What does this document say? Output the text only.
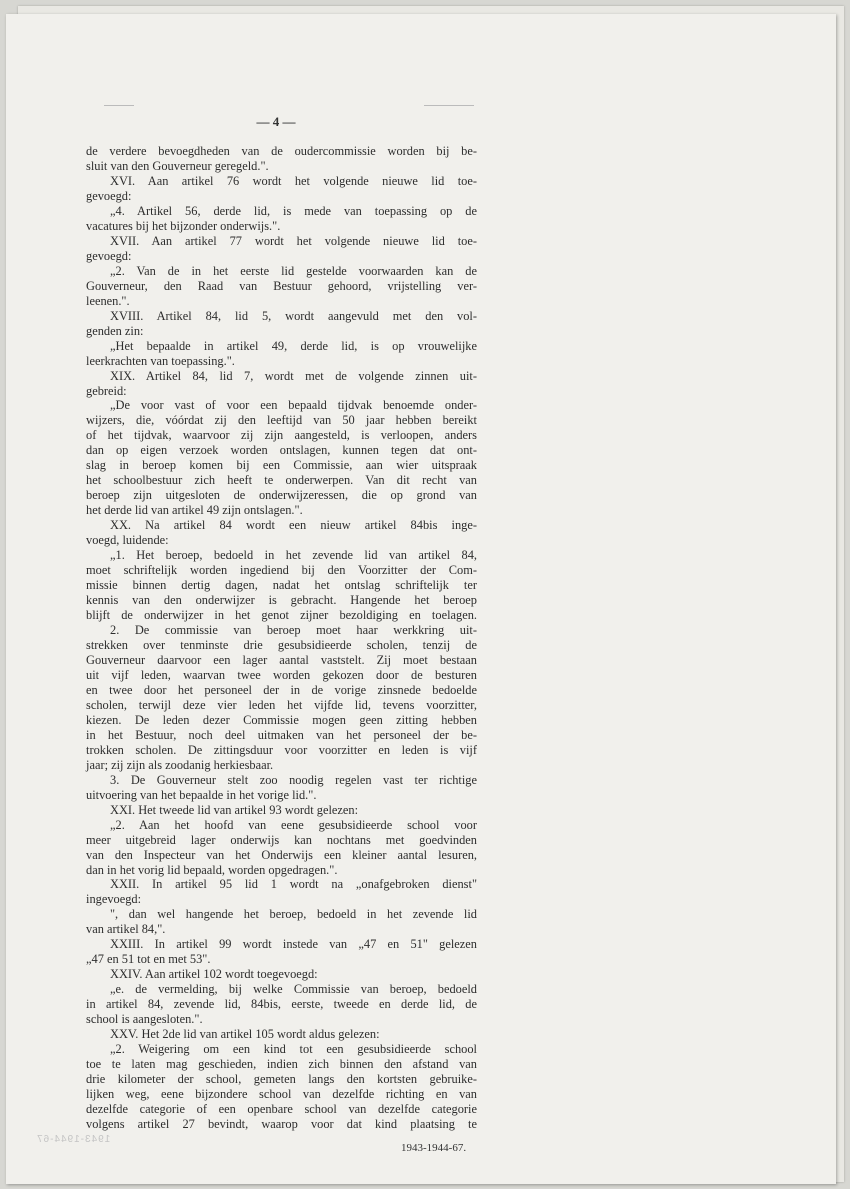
— 4 —
de verdere bevoegdheden van de oudercommissie worden bij be-
sluit van den Gouverneur geregeld.".
XVI. Aan artikel 76 wordt het volgende nieuwe lid toe-
gevoegd:
„4. Artikel 56, derde lid, is mede van toepassing op de
vacatures bij het bijzonder onderwijs.".
XVII. Aan artikel 77 wordt het volgende nieuwe lid toe-
gevoegd:
„2. Van de in het eerste lid gestelde voorwaarden kan de
Gouverneur, den Raad van Bestuur gehoord, vrijstelling ver-
leenen.".
XVIII. Artikel 84, lid 5, wordt aangevuld met den vol-
genden zin:
„Het bepaalde in artikel 49, derde lid, is op vrouwelijke
leerkrachten van toepassing.".
XIX. Artikel 84, lid 7, wordt met de volgende zinnen uit-
gebreid:
„De voor vast of voor een bepaald tijdvak benoemde onder-
wijzers, die, vóórdat zij den leeftijd van 50 jaar hebben bereikt
of het tijdvak, waarvoor zij zijn aangesteld, is verloopen, anders
dan op eigen verzoek worden ontslagen, kunnen tegen dat ont-
slag in beroep komen bij een Commissie, aan wier uitspraak
het schoolbestuur zich heeft te onderwerpen. Van dit recht van
beroep zijn uitgesloten de onderwijzeressen, die op grond van
het derde lid van artikel 49 zijn ontslagen.".
XX. Na artikel 84 wordt een nieuw artikel 84bis inge-
voegd, luidende:
„1. Het beroep, bedoeld in het zevende lid van artikel 84,
moet schriftelijk worden ingediend bij den Voorzitter der Com-
missie binnen dertig dagen, nadat het ontslag schriftelijk ter
kennis van den onderwijzer is gebracht. Hangende het beroep
blijft de onderwijzer in het genot zijner bezoldiging en toelagen.
2. De commissie van beroep moet haar werkkring uit-
strekken over tenminste drie gesubsidieerde scholen, tenzij de
Gouverneur daarvoor een lager aantal vaststelt. Zij moet bestaan
uit vijf leden, waarvan twee worden gekozen door de besturen
en twee door het personeel der in de vorige zinsnede bedoelde
scholen, terwijl deze vier leden het vijfde lid, tevens voorzitter,
kiezen. De leden dezer Commissie mogen geen zitting hebben
in het Bestuur, noch deel uitmaken van het personeel der be-
trokken scholen. De zittingsduur voor voorzitter en leden is vijf
jaar; zij zijn als zoodanig herkiesbaar.
3. De Gouverneur stelt zoo noodig regelen vast ter richtige
uitvoering van het bepaalde in het vorige lid.".
XXI. Het tweede lid van artikel 93 wordt gelezen:
„2. Aan het hoofd van eene gesubsidieerde school voor
meer uitgebreid lager onderwijs kan nochtans met goedvinden
van den Inspecteur van het Onderwijs een kleiner aantal lesuren,
dan in het vorig lid bepaald, worden opgedragen.".
XXII. In artikel 95 lid 1 wordt na „onafgebroken dienst"
ingevoegd:
", dan wel hangende het beroep, bedoeld in het zevende lid
van artikel 84,".
XXIII. In artikel 99 wordt instede van „47 en 51" gelezen
„47 en 51 tot en met 53".
XXIV. Aan artikel 102 wordt toegevoegd:
„e. de vermelding, bij welke Commissie van beroep, bedoeld
in artikel 84, zevende lid, 84bis, eerste, tweede en derde lid, de
school is aangesloten.".
XXV. Het 2de lid van artikel 105 wordt aldus gelezen:
„2. Weigering om een kind tot een gesubsidieerde school
toe te laten mag geschieden, indien zich binnen den afstand van
drie kilometer der school, gemeten langs den kortsten gebruike-
lijken weg, eene bijzondere school van dezelfde richting en van
dezelfde categorie of een openbare school van dezelfde categorie
volgens artikel 27 bevindt, waarop voor dat kind plaatsing te
1943-1944-67
1943-1944-67.
